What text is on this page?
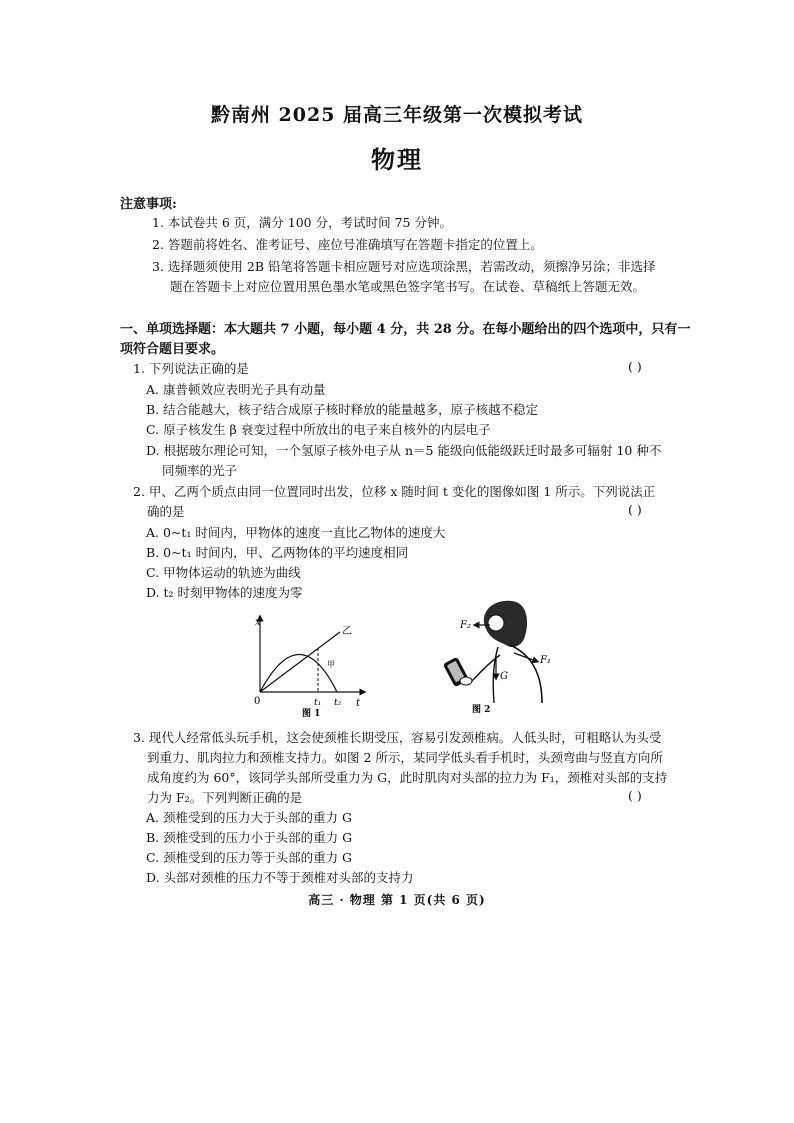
黔南州 2025 届高三年级第一次模拟考试
物理
注意事项:
1. 本试卷共 6 页，满分 100 分，考试时间 75 分钟。
2. 答题前将姓名、准考证号、座位号准确填写在答题卡指定的位置上。
3. 选择题须使用 2B 铅笔将答题卡相应题号对应选项涂黑，若需改动，须擦净另涂；非选择
题在答题卡上对应位置用黑色墨水笔或黑色签字笔书写。在试卷、草稿纸上答题无效。
一、单项选择题：本大题共 7 小题，每小题 4 分，共 28 分。在每小题给出的四个选项中，只有一
项符合题目要求。
1. 下列说法正确的是	( )
A. 康普顿效应表明光子具有动量
B. 结合能越大，核子结合成原子核时释放的能量越多，原子核越不稳定
C. 原子核发生 β 衰变过程中所放出的电子来自核外的内层电子
D. 根据玻尔理论可知，一个氢原子核外电子从 n＝5 能级向低能级跃迁时最多可辐射 10 种不
同频率的光子
2. 甲、乙两个质点由同一位置同时出发，位移 x 随时间 t 变化的图像如图 1 所示。下列说法正
确的是	( )
A. 0~t₁ 时间内，甲物体的速度一直比乙物体的速度大
B. 0~t₁ 时间内，甲、乙两物体的平均速度相同
C. 甲物体运动的轨迹为曲线
D. t₂ 时刻甲物体的速度为零
x
t
0	t₁ t₂
乙
甲
图 1
F₂
F₁
G
图 2
3. 现代人经常低头玩手机，这会使颈椎长期受压，容易引发颈椎病。人低头时，可粗略认为头受
到重力、肌肉拉力和颈椎支持力。如图 2 所示，某同学低头看手机时，头颈弯曲与竖直方向所
成角度约为 60°，该同学头部所受重力为 G，此时肌肉对头部的拉力为 F₁，颈椎对头部的支持
力为 F₂。下列判断正确的是	( )
A. 颈椎受到的压力大于头部的重力 G
B. 颈椎受到的压力小于头部的重力 G
C. 颈椎受到的压力等于头部的重力 G
D. 头部对颈椎的压力不等于颈椎对头部的支持力
高三 · 物理 第 1 页(共 6 页)
